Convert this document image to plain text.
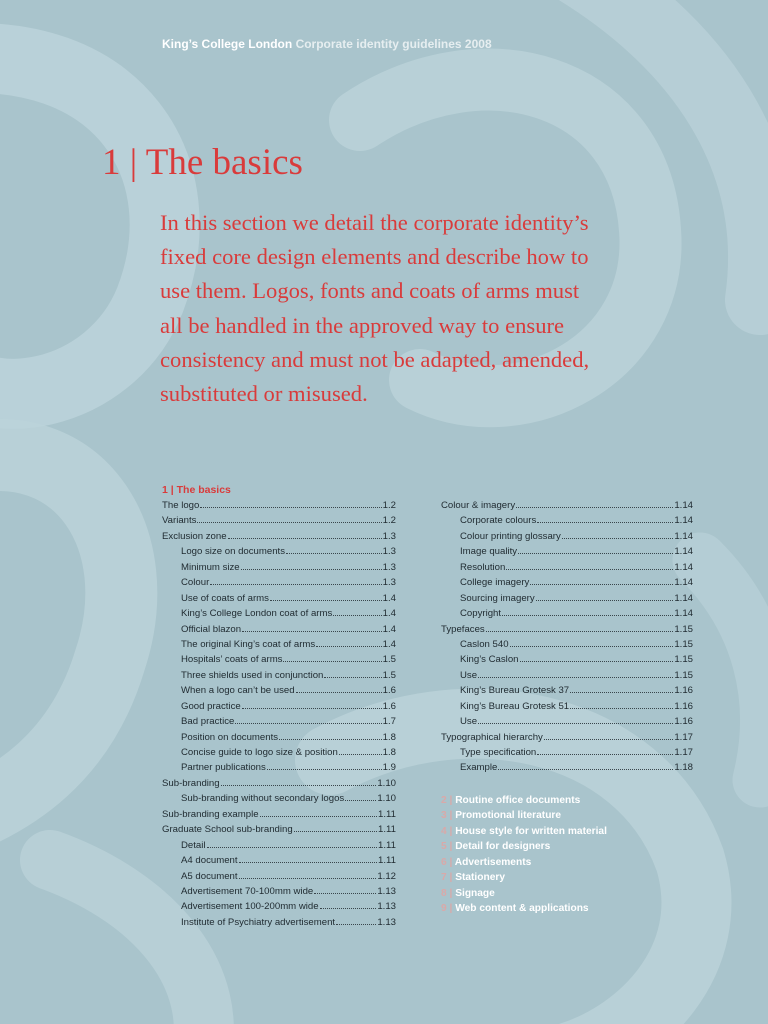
King’s College London Corporate identity guidelines 2008
1 | The basics

In this section we detail the corporate identity’s fixed core design elements and describe how to use them. Logos, fonts and coats of arms must all be handled in the approved way to ensure consistency and must not be adapted, amended, substituted or misused.

1 | The basics
The logo	1.2
Variants	1.2
Exclusion zone	1.3
Logo size on documents	1.3
Minimum size	1.3
Colour	1.3
Use of coats of arms	1.4
King’s College London coat of arms	1.4
Official blazon	1.4
The original King’s coat of arms	1.4
Hospitals’ coats of arms	1.5
Three shields used in conjunction	1.5
When a logo can’t be used	1.6
Good practice	1.6
Bad practice	1.7
Position on documents	1.8
Concise guide to logo size & position	1.8
Partner publications	1.9
Sub-branding	1.10
Sub-branding without secondary logos	1.10
Sub-branding example	1.11
Graduate School sub-branding	1.11
Detail	1.11
A4 document	1.11
A5 document	1.12
Advertisement 70-100mm wide	1.13
Advertisement 100-200mm wide	1.13
Institute of Psychiatry advertisement	1.13
Colour & imagery	1.14
Corporate colours	1.14
Colour printing glossary	1.14
Image quality	1.14
Resolution	1.14
College imagery	1.14
Sourcing imagery	1.14
Copyright	1.14
Typefaces	1.15
Caslon 540	1.15
King’s Caslon	1.15
Use	1.15
King’s Bureau Grotesk 37	1.16
King’s Bureau Grotesk 51	1.16
Use	1.16
Typographical hierarchy	1.17
Type specification	1.17
Example	1.18
2 | Routine office documents
3 | Promotional literature
4 | House style for written material
5 | Detail for designers
6 | Advertisements
7 | Stationery
8 | Signage
9 | Web content & applications
